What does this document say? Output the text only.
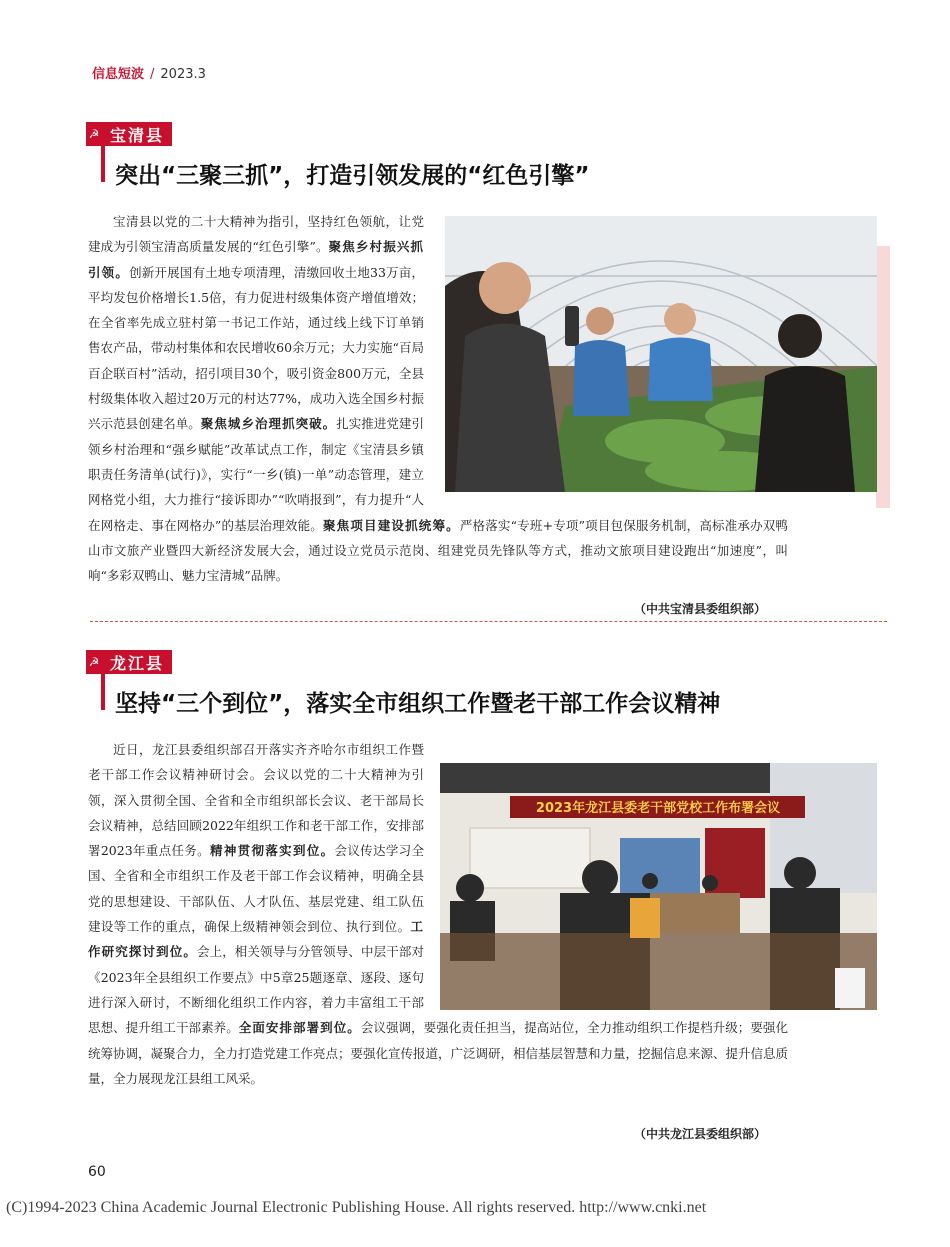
信息短波 / 2023.3
☭ 宝清县
突出“三聚三抓”，打造引领发展的“红色引擎”
宝清县以党的二十大精神为指引，坚持红色领航，让党建成为引领宝清高质量发展的“红色引擎”。聚焦乡村振兴抓引领。创新开展国有土地专项清理，清缴回收土地33万亩，平均发包价格增长1.5倍，有力促进村级集体资产增值增效；在全省率先成立驻村第一书记工作站，通过线上线下订单销售农产品，带动村集体和农民增收60余万元；大力实施“百局百企联百村”活动，招引项目30个，吸引资金800万元，全县村级集体收入超过20万元的村达77%，成功入选全国乡村振兴示范县创建名单。聚焦城乡治理抓突破。扎实推进党建引领乡村治理和“强乡赋能”改革试点工作，制定《宝清县乡镇职责任务清单(试行)》，实行“一乡(镇)一单”动态管理，建立网格党小组，大力推行“接诉即办”“吹哨报到”，有力提升“人在网格走、事在网格办”的基层治理效能。聚焦项目建设抓统筹。严格落实“专班+专项”项目包保服务机制，高标准承办双鸭山市文旅产业暨四大新经济发展大会，通过设立党员示范岗、组建党员先锋队等方式，推动文旅项目建设跑出“加速度”，叫响“多彩双鸭山、魅力宝清城”品牌。
（中共宝清县委组织部）
☭ 龙江县
坚持“三个到位”，落实全市组织工作暨老干部工作会议精神
2023年龙江县委老干部党校工作布署会议
近日，龙江县委组织部召开落实齐齐哈尔市组织工作暨老干部工作会议精神研讨会。会议以党的二十大精神为引领，深入贯彻全国、全省和全市组织部长会议、老干部局长会议精神，总结回顾2022年组织工作和老干部工作，安排部署2023年重点任务。精神贯彻落实到位。会议传达学习全国、全省和全市组织工作及老干部工作会议精神，明确全县党的思想建设、干部队伍、人才队伍、基层党建、组工队伍建设等工作的重点，确保上级精神领会到位、执行到位。工作研究探讨到位。会上，相关领导与分管领导、中层干部对《2023年全县组织工作要点》中5章25题逐章、逐段、逐句进行深入研讨，不断细化组织工作内容，着力丰富组工干部思想、提升组工干部素养。全面安排部署到位。会议强调，要强化责任担当，提高站位，全力推动组织工作提档升级；要强化统筹协调，凝聚合力，全力打造党建工作亮点；要强化宣传报道，广泛调研，相信基层智慧和力量，挖掘信息来源、提升信息质量，全力展现龙江县组工风采。
（中共龙江县委组织部）
60
(C)1994-2023 China Academic Journal Electronic Publishing House. All rights reserved. http://www.cnki.net
